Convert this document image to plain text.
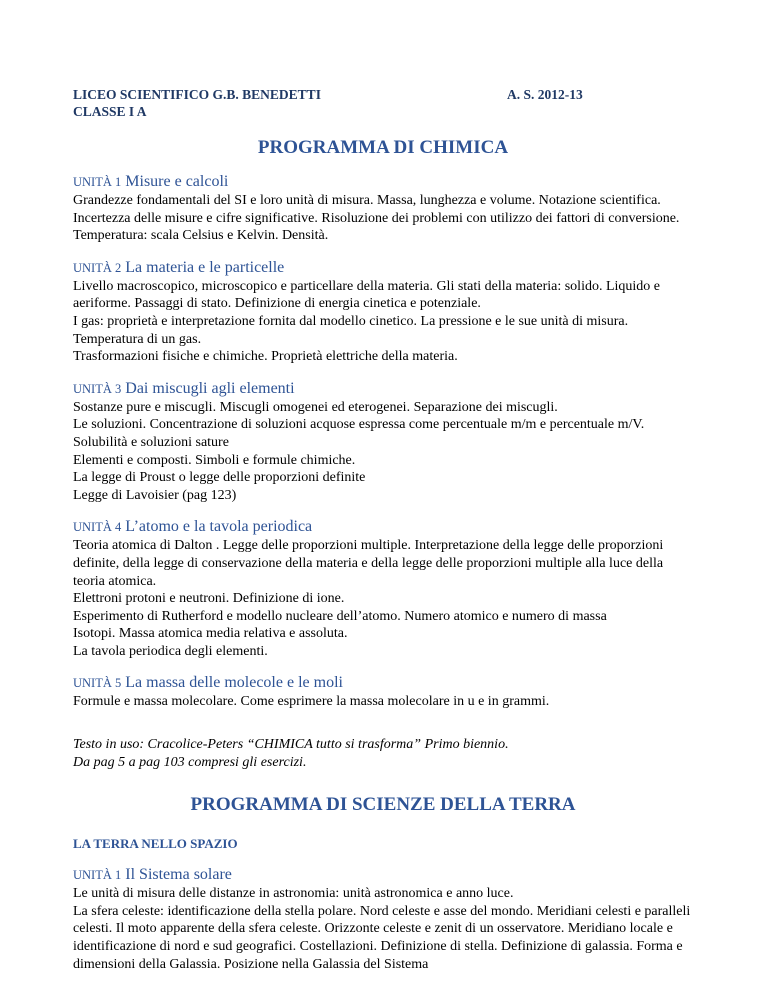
LICEO SCIENTIFICO G.B. BENEDETTI
CLASSE I A
A. S. 2012-13
PROGRAMMA DI CHIMICA
UNITÀ 1 Misure e calcoli
Grandezze fondamentali del SI e loro unità di misura. Massa, lunghezza e volume. Notazione scientifica. Incertezza delle misure e cifre significative. Risoluzione dei problemi con utilizzo dei fattori di conversione. Temperatura: scala Celsius e Kelvin. Densità.
UNITÀ 2 La materia e le particelle
Livello macroscopico, microscopico e particellare della materia. Gli stati della materia: solido. Liquido e aeriforme. Passaggi di stato. Definizione di energia cinetica e potenziale.
I gas: proprietà e interpretazione fornita dal modello cinetico. La pressione e le sue unità di misura. Temperatura di un gas.
Trasformazioni fisiche e chimiche. Proprietà elettriche della materia.
UNITÀ 3 Dai miscugli agli elementi
Sostanze pure e miscugli. Miscugli omogenei ed eterogenei. Separazione dei miscugli.
Le soluzioni. Concentrazione di soluzioni acquose espressa come percentuale m/m e percentuale m/V. Solubilità e soluzioni sature
Elementi e composti. Simboli e formule chimiche.
La legge di Proust o legge delle proporzioni definite
Legge di Lavoisier (pag 123)
UNITÀ 4 L’atomo e la tavola periodica
Teoria atomica di Dalton . Legge delle proporzioni multiple. Interpretazione della legge delle proporzioni definite, della legge di conservazione della materia e della legge delle proporzioni multiple alla luce della teoria atomica.
Elettroni protoni e neutroni. Definizione di ione.
Esperimento di Rutherford e modello nucleare dell’atomo. Numero atomico e numero di massa
Isotopi. Massa atomica media relativa e assoluta.
La tavola periodica degli elementi.
UNITÀ 5 La massa delle molecole e le moli
Formule e massa molecolare. Come esprimere la massa molecolare in u e in grammi.
Testo in uso: Cracolice-Peters “CHIMICA tutto si trasforma” Primo biennio.
Da pag 5 a pag 103 compresi gli esercizi.
PROGRAMMA DI SCIENZE DELLA TERRA
LA TERRA NELLO SPAZIO
UNITÀ 1 Il Sistema solare
Le unità di misura delle distanze in astronomia: unità astronomica e anno luce.
La sfera celeste: identificazione della stella polare. Nord celeste e asse del mondo. Meridiani celesti e paralleli celesti. Il moto apparente della sfera celeste. Orizzonte celeste e zenit di un osservatore. Meridiano locale e identificazione di nord e sud geografici. Costellazioni. Definizione di stella. Definizione di galassia. Forma e dimensioni della Galassia. Posizione nella Galassia del Sistema
